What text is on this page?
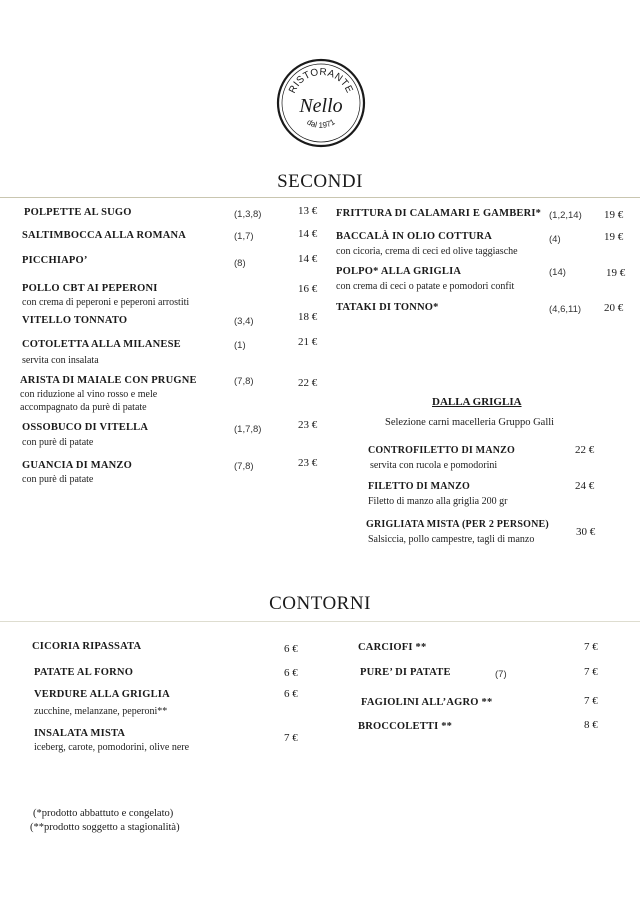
RISTORANTE
Nello
dal 1971
SECONDI
POLPETTE AL SUGO	(1,3,8)	13 €
SALTIMBOCCA ALLA ROMANA	(1,7)	14 €
PICCHIAPO’	(8)	14 €
POLLO CBT AI PEPERONI
con crema di peperoni e peperoni arrostiti
16 €
VITELLO TONNATO	(3,4)	18 €
COTOLETTA ALLA MILANESE
servita con insalata
(1)	21 €
ARISTA DI MAIALE CON PRUGNE
con riduzione al vino rosso e mele
accompagnato da purè di patate
(7,8)	22 €
OSSOBUCO DI VITELLA
con purè di patate
(1,7,8)	23 €
GUANCIA DI MANZO
con purè di patate
(7,8)	23 €
FRITTURA DI CALAMARI E GAMBERI* (1,2,14) 19 €
BACCALÀ IN OLIO COTTURA
con cicoria, crema di ceci ed olive taggiasche
(4)	19 €
POLPO* ALLA GRIGLIA
con crema di ceci o patate e pomodori confit
(14)	19 €
TATAKI DI TONNO*	(4,6,11) 20 €
DALLA GRIGLIA
Selezione carni macelleria Gruppo Galli
CONTROFILETTO DI MANZO
servita con rucola e pomodorini
22 €
FILETTO DI MANZO
Filetto di manzo alla griglia 200 gr
24 €
GRIGLIATA MISTA (PER 2 PERSONE)
Salsiccia, pollo campestre, tagli di manzo
30 €
CONTORNI
CICORIA RIPASSATA	6 €
PATATE AL FORNO	6 €
VERDURE ALLA GRIGLIA
zucchine, melanzane, peperoni**
6 €
INSALATA MISTA
iceberg, carote, pomodorini, olive nere
7 €
CARCIOFI **	7 €
PURE’ DI PATATE	(7)	7 €
FAGIOLINI ALL’AGRO **	7 €
BROCCOLETTI **	8 €
(*prodotto abbattuto e congelato)
(**prodotto soggetto a stagionalità)
